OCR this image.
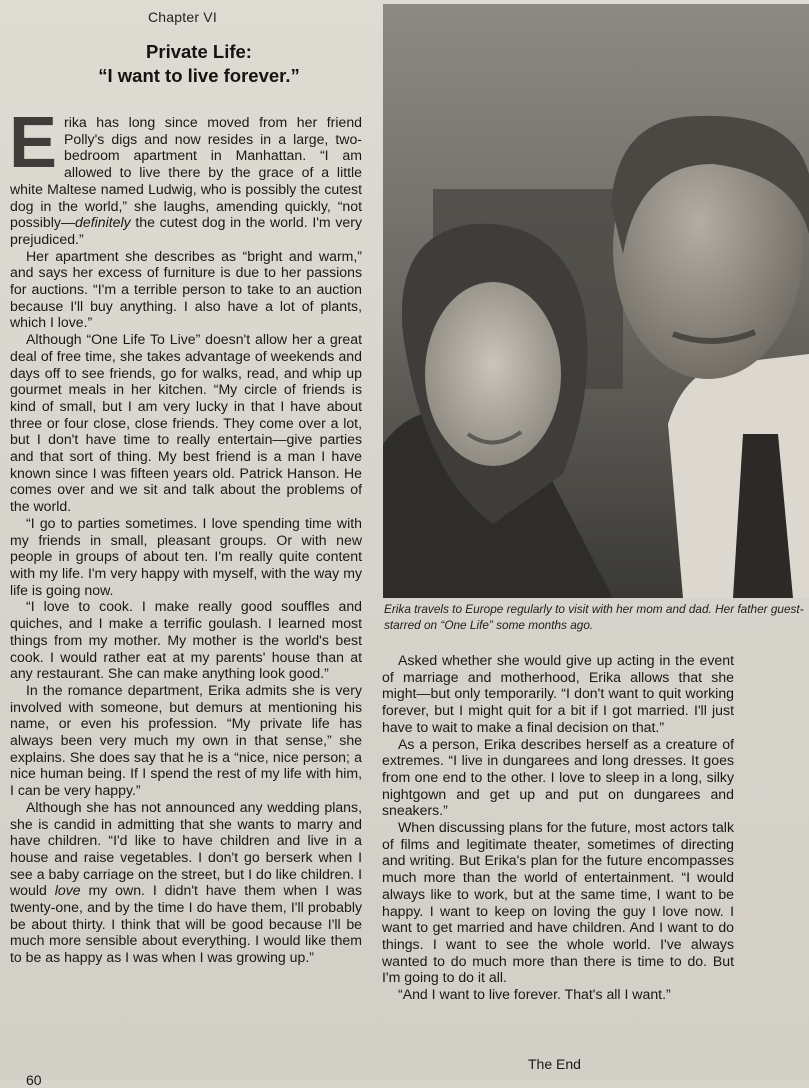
Chapter VI
Private Life:
“I want to live forever.”

Erika has long since moved from her friend Polly's digs and now resides in a large, two-bedroom apartment in Manhattan. “I am allowed to live there by the grace of a little white Maltese named Ludwig, who is possibly the cutest dog in the world,” she laughs, amending quickly, “not possibly—definitely the cutest dog in the world. I'm very prejudiced.”

Her apartment she describes as “bright and warm,” and says her excess of furniture is due to her passions for auctions. “I'm a terrible person to take to an auction because I'll buy anything. I also have a lot of plants, which I love.”

Although “One Life To Live” doesn't allow her a great deal of free time, she takes advantage of weekends and days off to see friends, go for walks, read, and whip up gourmet meals in her kitchen. “My circle of friends is kind of small, but I am very lucky in that I have about three or four close, close friends. They come over a lot, but I don't have time to really entertain—give parties and that sort of thing. My best friend is a man I have known since I was fifteen years old. Patrick Hanson. He comes over and we sit and talk about the problems of the world.

“I go to parties sometimes. I love spending time with my friends in small, pleasant groups. Or with new people in groups of about ten. I'm really quite content with my life. I'm very happy with myself, with the way my life is going now.

“I love to cook. I make really good souffles and quiches, and I make a terrific goulash. I learned most things from my mother. My mother is the world's best cook. I would rather eat at my parents' house than at any restaurant. She can make anything look good.”

In the romance department, Erika admits she is very involved with someone, but demurs at mentioning his name, or even his profession. “My private life has always been very much my own in that sense,” she explains. She does say that he is a “nice, nice person; a nice human being. If I spend the rest of my life with him, I can be very happy.”

Although she has not announced any wedding plans, she is candid in admitting that she wants to marry and have children. “I'd like to have children and live in a house and raise vegetables. I don't go berserk when I see a baby carriage on the street, but I do like children. I would love my own. I didn't have them when I was twenty-one, and by the time I do have them, I'll probably be about thirty. I think that will be good because I'll be much more sensible about everything. I would like them to be as happy as I was when I was growing up.”

Erika travels to Europe regularly to visit with her mom and dad. Her father guest-starred on “One Life” some months ago.

Asked whether she would give up acting in the event of marriage and motherhood, Erika allows that she might—but only temporarily. “I don't want to quit working forever, but I might quit for a bit if I got married. I'll just have to wait to make a final decision on that.”

As a person, Erika describes herself as a creature of extremes. “I live in dungarees and long dresses. It goes from one end to the other. I love to sleep in a long, silky nightgown and get up and put on dungarees and sneakers.”

When discussing plans for the future, most actors talk of films and legitimate theater, sometimes of directing and writing. But Erika's plan for the future encompasses much more than the world of entertainment. “I would always like to work, but at the same time, I want to be happy. I want to keep on loving the guy I love now. I want to get married and have children. And I want to do things. I want to see the whole world. I've always wanted to do much more than there is time to do. But I'm going to do it all.

“And I want to live forever. That's all I want.”

The End
60
